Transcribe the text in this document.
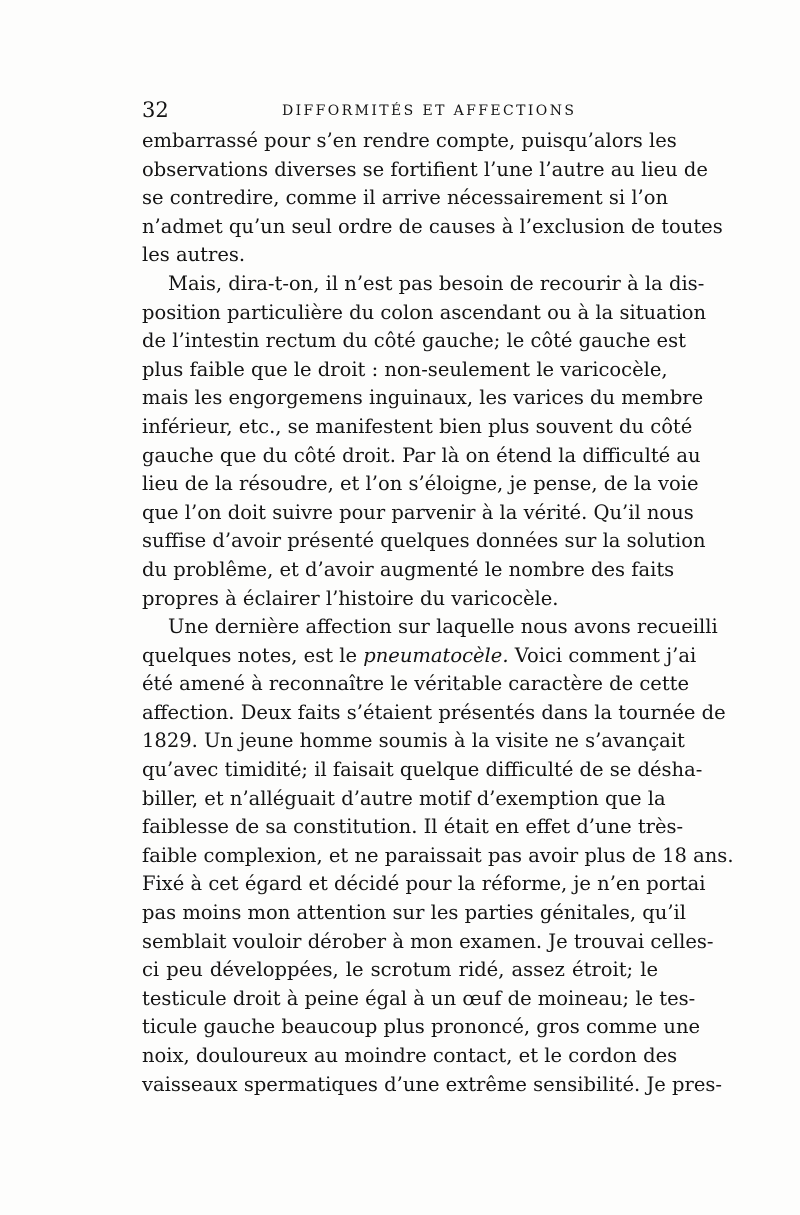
32	DIFFORMITÉS ET AFFECTIONS
embarrassé pour s’en rendre compte, puisqu’alors les
observations diverses se fortifient l’une l’autre au lieu de
se contredire, comme il arrive nécessairement si l’on
n’admet qu’un seul ordre de causes à l’exclusion de toutes
les autres.
Mais, dira-t-on, il n’est pas besoin de recourir à la dis-
position particulière du colon ascendant ou à la situation
de l’intestin rectum du côté gauche; le côté gauche est
plus faible que le droit : non-seulement le varicocèle,
mais les engorgemens inguinaux, les varices du membre
inférieur, etc., se manifestent bien plus souvent du côté
gauche que du côté droit. Par là on étend la difficulté au
lieu de la résoudre, et l’on s’éloigne, je pense, de la voie
que l’on doit suivre pour parvenir à la vérité. Qu’il nous
suffise d’avoir présenté quelques données sur la solution
du problême, et d’avoir augmenté le nombre des faits
propres à éclairer l’histoire du varicocèle.
Une dernière affection sur laquelle nous avons recueilli
quelques notes, est le pneumatocèle. Voici comment j’ai
été amené à reconnaître le véritable caractère de cette
affection. Deux faits s’étaient présentés dans la tournée de
1829. Un jeune homme soumis à la visite ne s’avançait
qu’avec timidité; il faisait quelque difficulté de se désha-
biller, et n’alléguait d’autre motif d’exemption que la
faiblesse de sa constitution. Il était en effet d’une très-
faible complexion, et ne paraissait pas avoir plus de 18 ans.
Fixé à cet égard et décidé pour la réforme, je n’en portai
pas moins mon attention sur les parties génitales, qu’il
semblait vouloir dérober à mon examen. Je trouvai celles-
ci peu développées, le scrotum ridé, assez étroit; le
testicule droit à peine égal à un œuf de moineau; le tes-
ticule gauche beaucoup plus prononcé, gros comme une
noix, douloureux au moindre contact, et le cordon des
vaisseaux spermatiques d’une extrême sensibilité. Je pres-
